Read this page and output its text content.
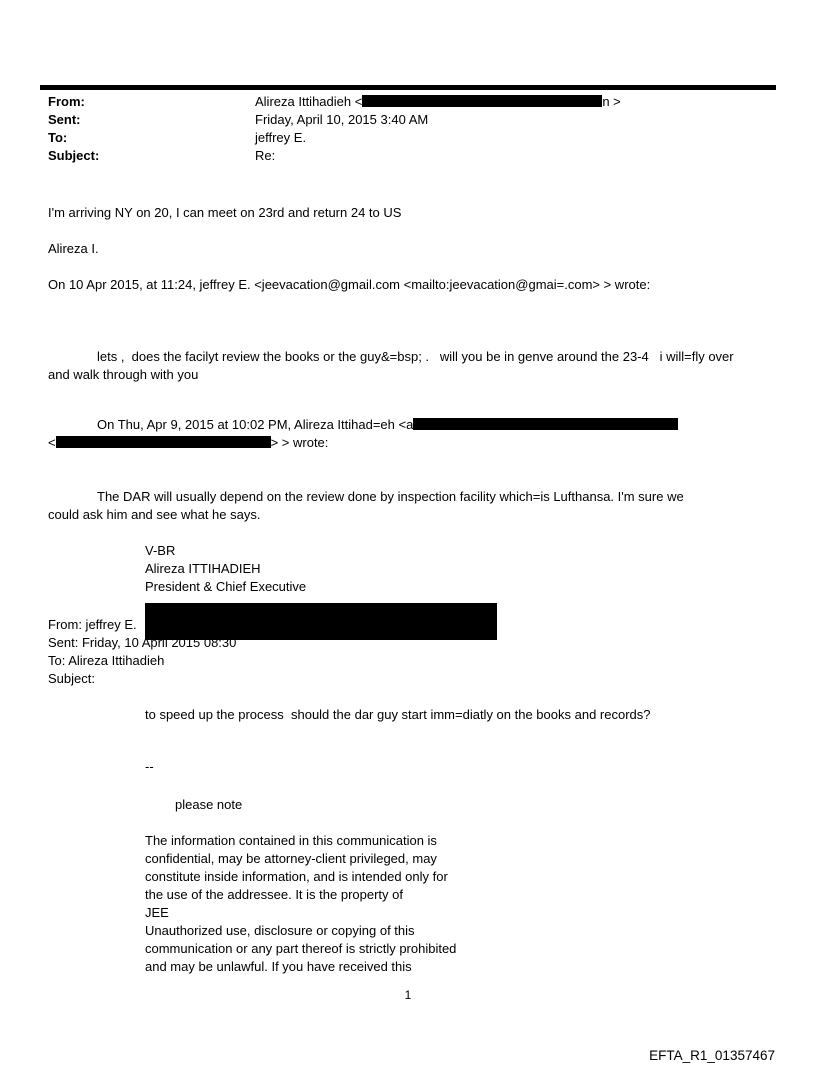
From:	Alireza Ittihadieh <	n >
Sent:	Friday, April 10, 2015 3:40 AM
To:	jeffrey E.
Subject:	Re:
I'm arriving NY on 20, I can meet on 23rd and return 24 to US
Alireza I.
On 10 Apr 2015, at 11:24, jeffrey E. <jeevacation@gmail.com <mailto:jeevacation@gmai=.com> > wrote:
lets ,  does the facilyt review the books or the guy&=bsp; .   will you be in genve around the 23-4   i will=fly over
and walk through with you
On Thu, Apr 9, 2015 at 10:02 PM, Alireza Ittihad=eh <a
<	> > wrote:
The DAR will usually depend on the review done by inspection facility which=is Lufthansa. I'm sure we
could ask him and see what he says.
V-BR
Alireza ITTIHADIEH
President & Chief Executive
From: jeffrey E.
Sent: Friday, 10 April 2015 08:30
To: Alireza Ittihadieh
Subject:
to speed up the process  should the dar guy start imm=diatly on the books and records?
--
please note
The information contained in this communication is
confidential, may be attorney-client privileged, may
constitute inside information, and is intended only for
the use of the addressee. It is the property of
JEE
Unauthorized use, disclosure or copying of this
communication or any part thereof is strictly prohibited
and may be unlawful. If you have received this
1
EFTA_R1_01357467
